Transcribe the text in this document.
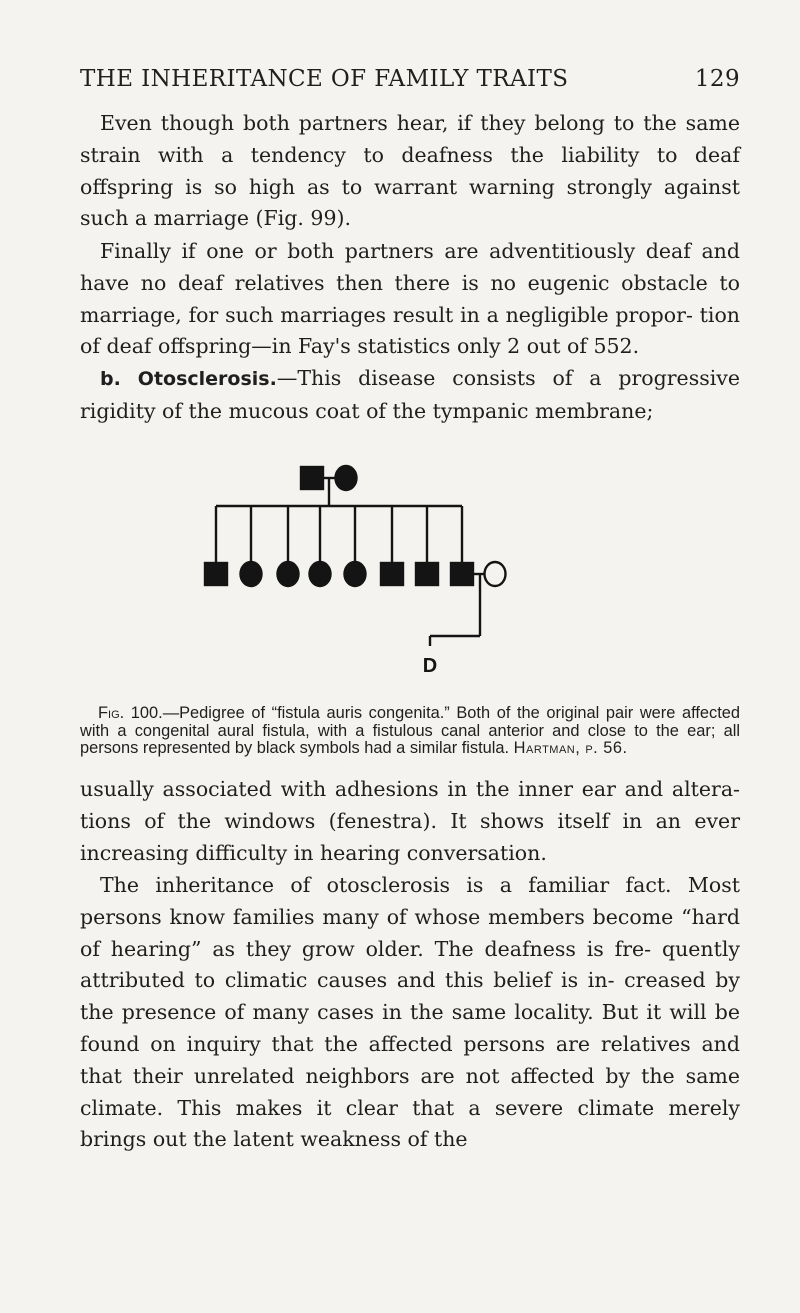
THE INHERITANCE OF FAMILY TRAITS	129
Even though both partners hear, if they belong to the same strain with a tendency to deafness the liability to deaf offspring is so high as to warrant warning strongly against such a marriage (Fig. 99).
Finally if one or both partners are adventitiously deaf and have no deaf relatives then there is no eugenic obstacle to marriage, for such marriages result in a negligible propor- tion of deaf offspring—in Fay's statistics only 2 out of 552.
b. Otosclerosis.—This disease consists of a progressive rigidity of the mucous coat of the tympanic membrane;
D
Fig. 100.—Pedigree of “fistula auris congenita.” Both of the original pair were affected with a congenital aural fistula, with a fistulous canal anterior and close to the ear; all persons represented by black symbols had a similar fistula. Hartman, p. 56.
usually associated with adhesions in the inner ear and altera- tions of the windows (fenestra). It shows itself in an ever increasing difficulty in hearing conversation.
The inheritance of otosclerosis is a familiar fact. Most persons know families many of whose members become “hard of hearing” as they grow older. The deafness is fre- quently attributed to climatic causes and this belief is in- creased by the presence of many cases in the same locality. But it will be found on inquiry that the affected persons are relatives and that their unrelated neighbors are not affected by the same climate. This makes it clear that a severe climate merely brings out the latent weakness of the
